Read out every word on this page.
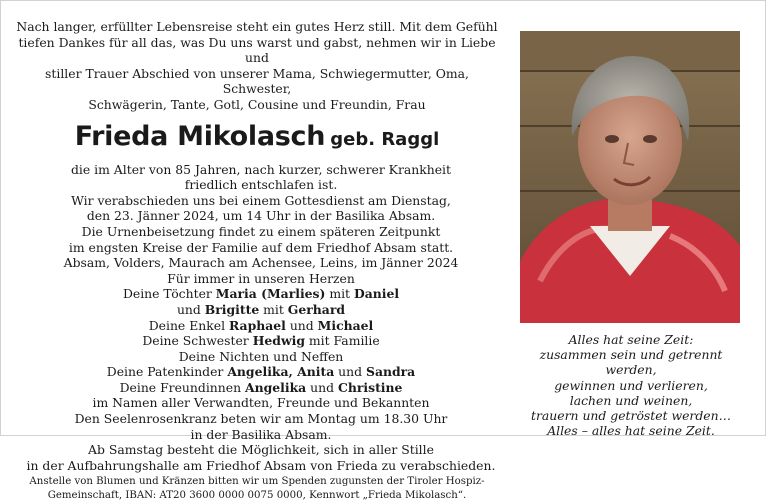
Nach langer, erfüllter Lebensreise steht ein gutes Herz still. Mit dem Gefühl
tiefen Dankes für all das, was Du uns warst und gabst, nehmen wir in Liebe und
stiller Trauer Abschied von unserer Mama, Schwiegermutter, Oma, Schwester,
Schwägerin, Tante, Gotl, Cousine und Freundin, Frau
Frieda Mikolasch geb. Raggl
die im Alter von 85 Jahren, nach kurzer, schwerer Krankheit
friedlich entschlafen ist.
Wir verabschieden uns bei einem Gottesdienst am Dienstag,
den 23. Jänner 2024, um 14 Uhr in der Basilika Absam.
Die Urnenbeisetzung findet zu einem späteren Zeitpunkt
im engsten Kreise der Familie auf dem Friedhof Absam statt.
Absam, Volders, Maurach am Achensee, Leins, im Jänner 2024
Für immer in unseren Herzen
Deine Töchter Maria (Marlies) mit Daniel
und Brigitte mit Gerhard
Deine Enkel Raphael und Michael
Deine Schwester Hedwig mit Familie
Deine Nichten und Neffen
Deine Patenkinder Angelika, Anita und Sandra
Deine Freundinnen Angelika und Christine
im Namen aller Verwandten, Freunde und Bekannten
Den Seelenrosenkranz beten wir am Montag um 18.30 Uhr
in der Basilika Absam.
Ab Samstag besteht die Möglichkeit, sich in aller Stille
in der Aufbahrungshalle am Friedhof Absam von Frieda zu verabschieden.
Anstelle von Blumen und Kränzen bitten wir um Spenden zugunsten der Tiroler Hospiz-
Gemeinschaft, IBAN: AT20 3600 0000 0075 0000, Kennwort „Frieda Mikolasch“.
Alles hat seine Zeit:
zusammen sein und getrennt werden,
gewinnen und verlieren,
lachen und weinen,
trauern und getröstet werden…
Alles – alles hat seine Zeit.
